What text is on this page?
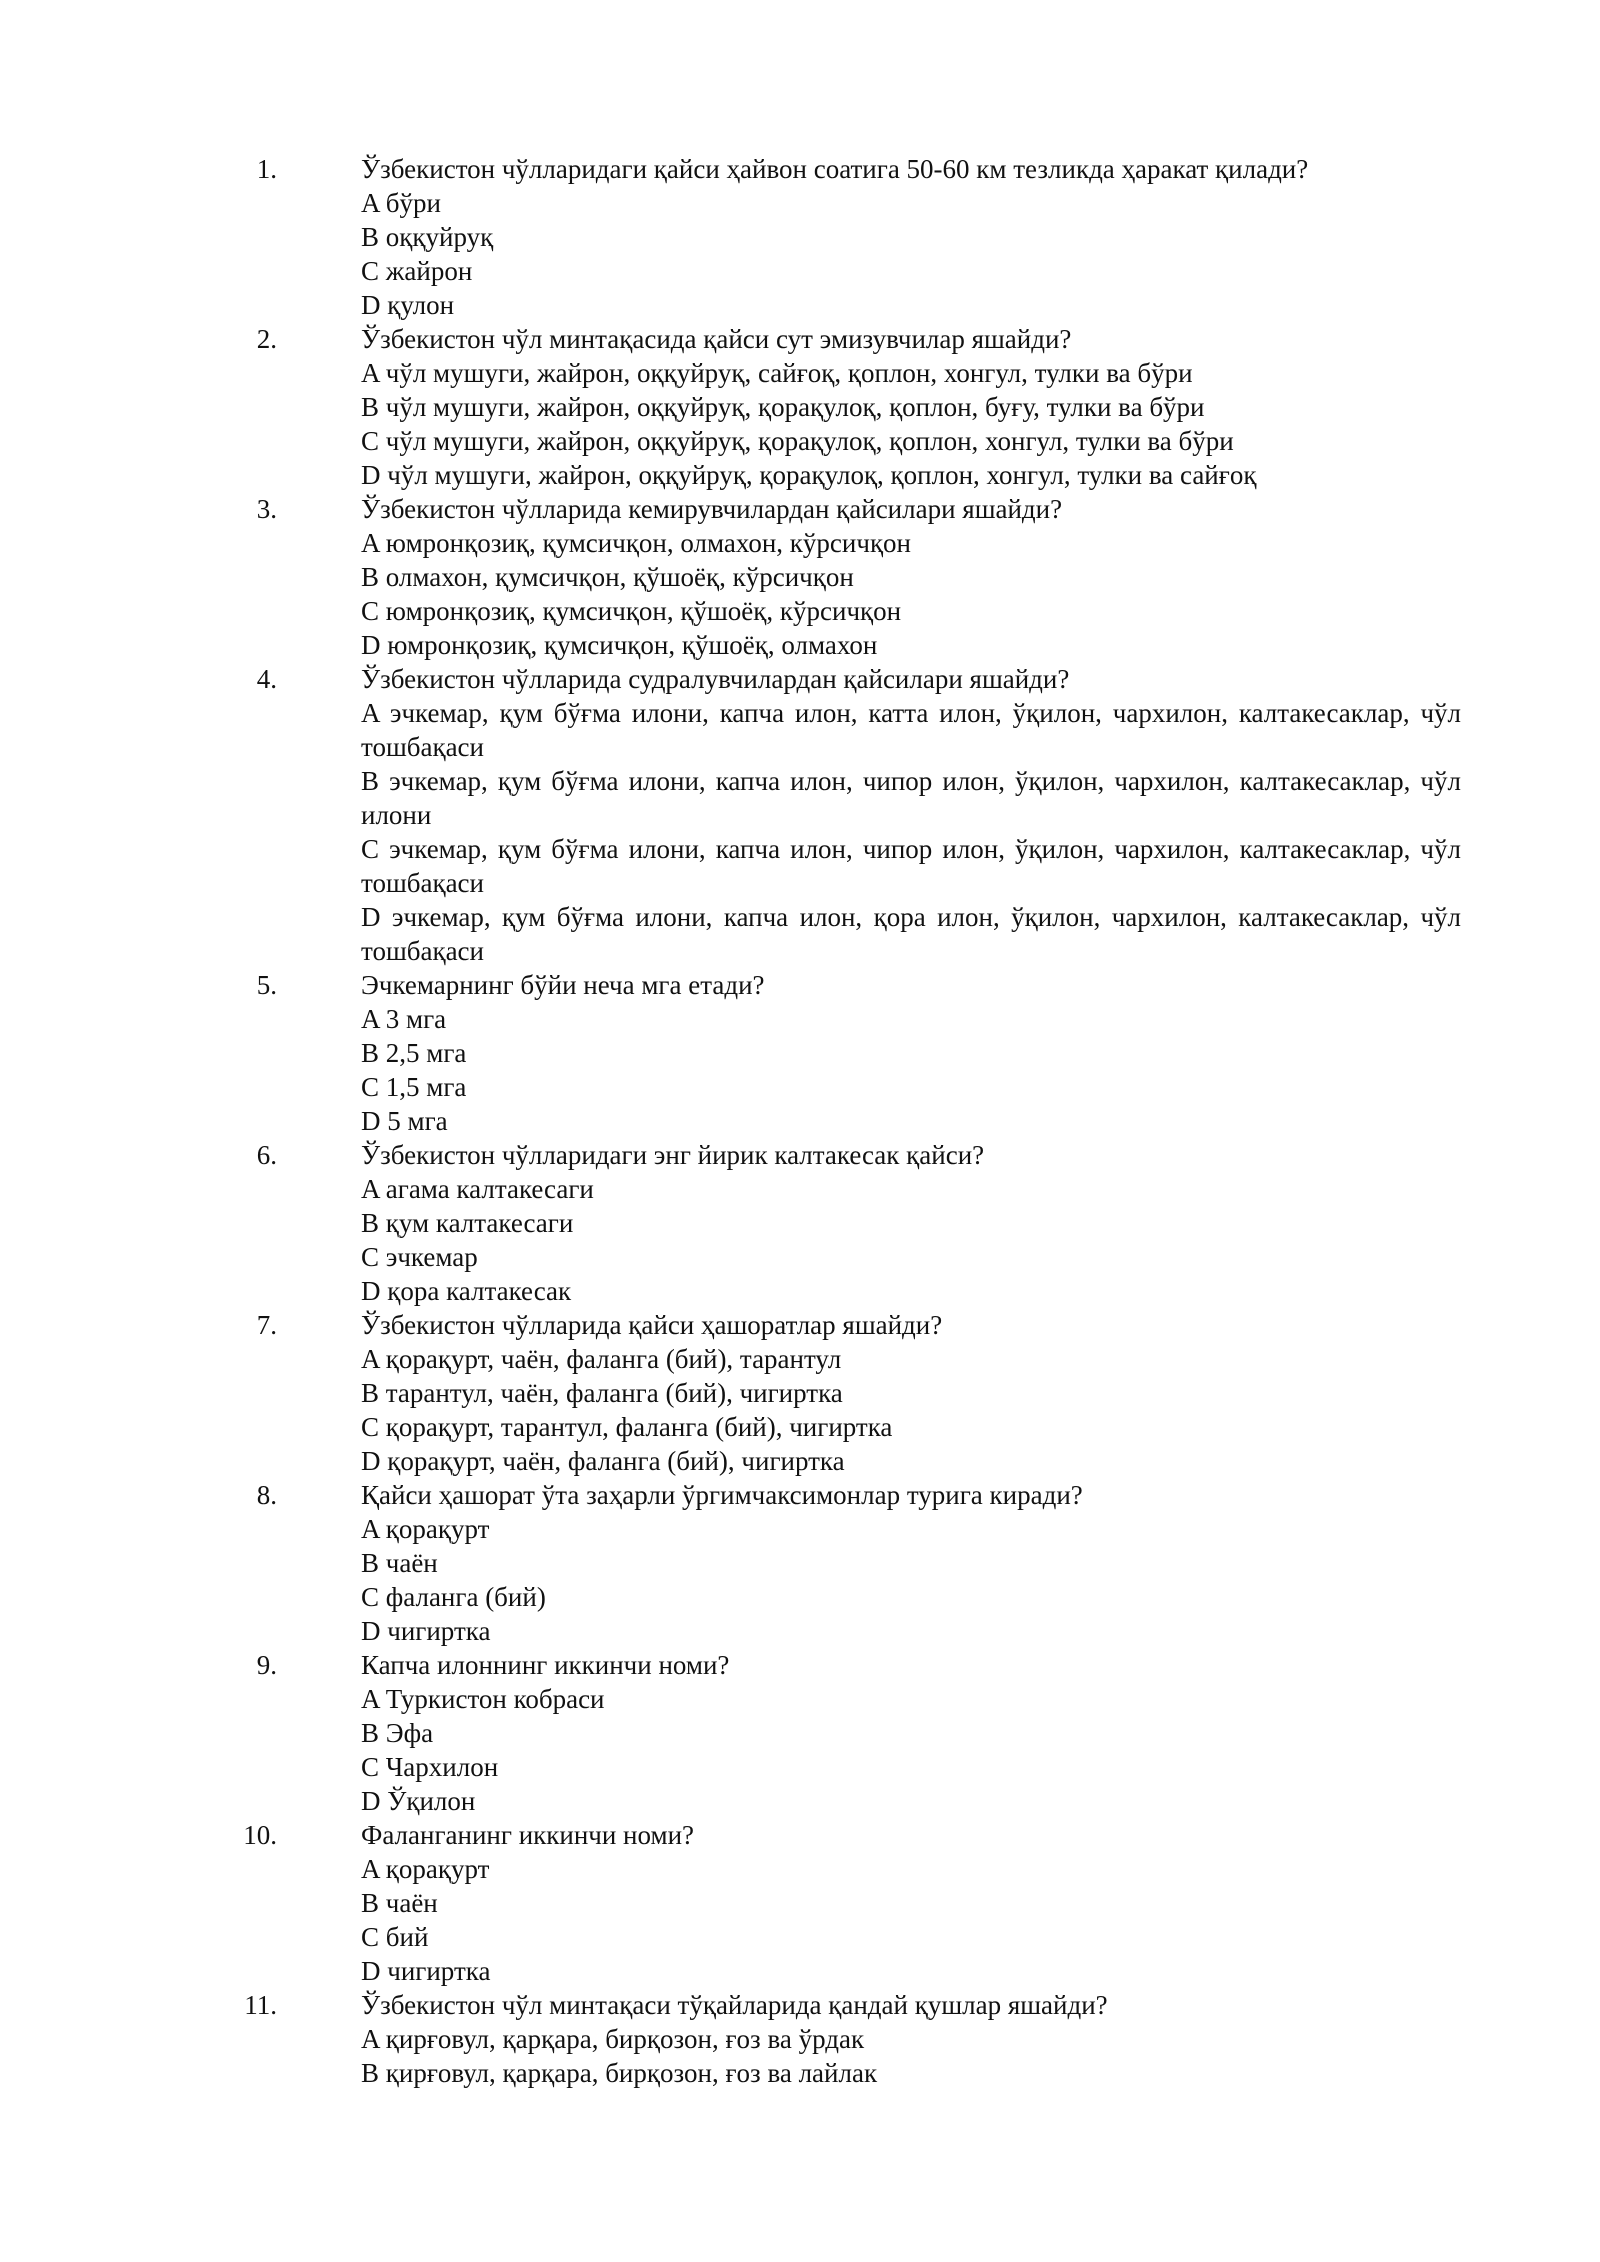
1.	Ўзбекистон чўлларидаги қайси ҳайвон соатига 50-60 км тезликда ҳаракат қилади?
A бўри
B оққуйруқ
C жайрон
D қулон
2.	Ўзбекистон чўл минтақасида қайси сут эмизувчилар яшайди?
A чўл мушуги, жайрон, оққуйруқ, сайғоқ, қоплон, хонгул, тулки ва бўри
B чўл мушуги, жайрон, оққуйруқ, қорақулоқ, қоплон, буғу, тулки ва бўри
C чўл мушуги, жайрон, оққуйруқ, қорақулоқ, қоплон, хонгул, тулки ва бўри
D чўл мушуги, жайрон, оққуйруқ, қорақулоқ, қоплон, хонгул, тулки ва сайғоқ
3.	Ўзбекистон чўлларида кемирувчилардан қайсилари яшайди?
A юмронқозиқ, қумсичқон, олмахон, кўрсичқон
B олмахон, қумсичқон, қўшоёқ, кўрсичқон
C юмронқозиқ, қумсичқон, қўшоёқ, кўрсичқон
D юмронқозиқ, қумсичқон, қўшоёқ, олмахон
4.	Ўзбекистон чўлларида судралувчилардан қайсилари яшайди?
A эчкемар, қум бўғма илони, капча илон, катта илон, ўқилон, чархилон, калтакесаклар, чўл тошбақаси
B эчкемар, қум бўғма илони, капча илон, чипор илон, ўқилон, чархилон, калтакесаклар, чўл илони
C эчкемар, қум бўғма илони, капча илон, чипор илон, ўқилон, чархилон, калтакесаклар, чўл тошбақаси
D эчкемар, қум бўғма илони, капча илон, қора илон, ўқилон, чархилон, калтакесаклар, чўл тошбақаси
5.	Эчкемарнинг бўйи неча мга етади?
A 3 мга
B 2,5 мга
C 1,5 мга
D 5 мга
6.	Ўзбекистон чўлларидаги энг йирик калтакесак қайси?
A агама калтакесаги
B қум калтакесаги
C эчкемар
D қора калтакесак
7.	Ўзбекистон чўлларида қайси ҳашоратлар яшайди?
A қорақурт, чаён, фаланга (бий), тарантул
B тарантул, чаён, фаланга (бий), чигиртка
C қорақурт, тарантул, фаланга (бий), чигиртка
D қорақурт, чаён, фаланга (бий), чигиртка
8.	Қайси ҳашорат ўта заҳарли ўргимчаксимонлар турига киради?
A қорақурт
B чаён
C фаланга (бий)
D чигиртка
9.	Капча илоннинг иккинчи номи?
A Туркистон кобраси
B Эфа
C Чархилон
D Ўқилон
10.	Фаланганинг иккинчи номи?
A қорақурт
B чаён
C бий
D чигиртка
11.	Ўзбекистон чўл минтақаси тўқайларида қандай қушлар яшайди?
A қирғовул, қарқара, бирқозон, ғоз ва ўрдак
B қирғовул, қарқара, бирқозон, ғоз ва лайлак
